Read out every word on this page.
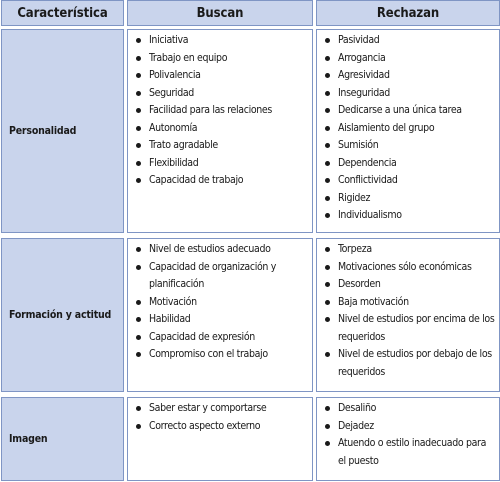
Característica	Buscan	Rechazan
Personalidad
Iniciativa
Trabajo en equipo
Polivalencia
Seguridad
Facilidad para las relaciones
Autonomía
Trato agradable
Flexibilidad
Capacidad de trabajo
Pasividad
Arrogancia
Agresividad
Inseguridad
Dedicarse a una única tarea
Aislamiento del grupo
Sumisión
Dependencia
Conflictividad
Rigidez
Individualismo
Formación y actitud
Nivel de estudios adecuado
Capacidad de organización y planificación
Motivación
Habilidad
Capacidad de expresión
Compromiso con el trabajo
Torpeza
Motivaciones sólo económicas
Desorden
Baja motivación
Nivel de estudios por encima de los requeridos
Nivel de estudios por debajo de los requeridos
Imagen
Saber estar y comportarse
Correcto aspecto externo
Desaliño
Dejadez
Atuendo o estilo inadecuado para el puesto
